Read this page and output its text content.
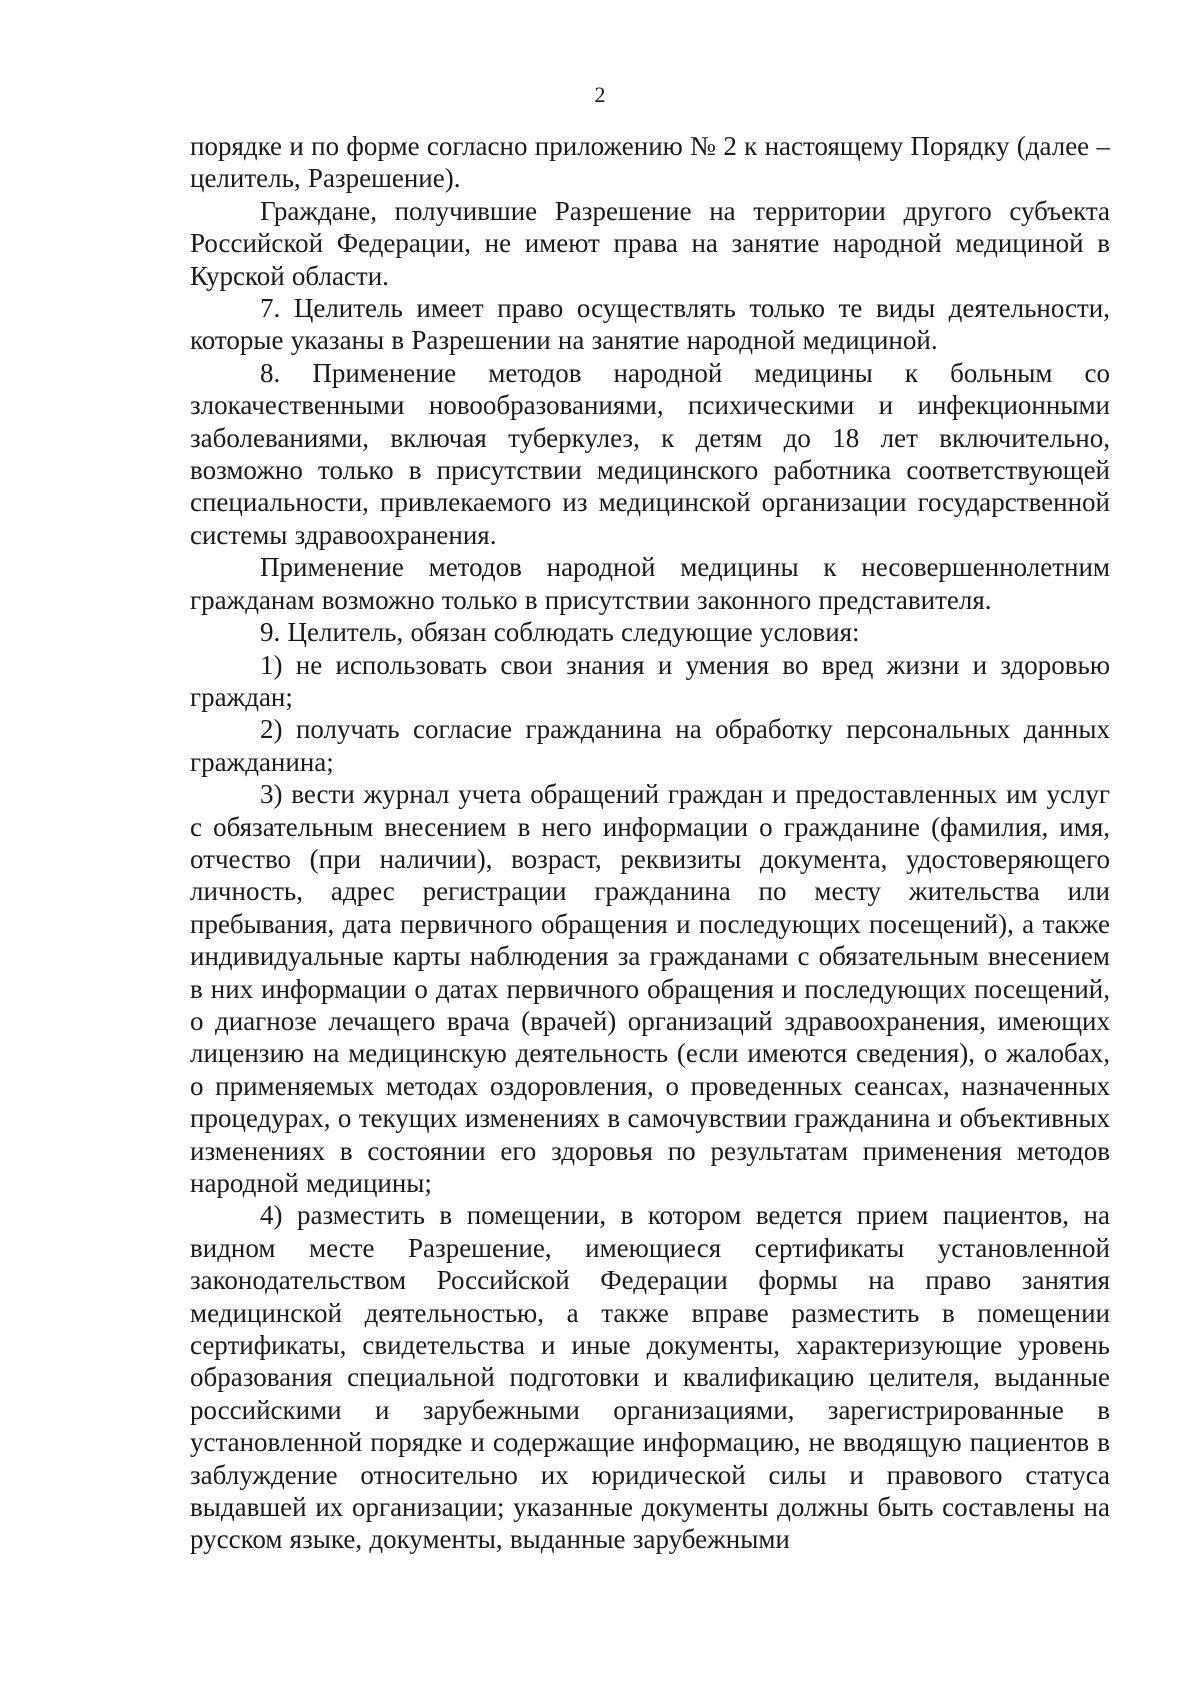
2

порядке и по форме согласно приложению № 2 к настоящему Порядку (далее – целитель, Разрешение).

Граждане, получившие Разрешение на территории другого субъекта Российской Федерации, не имеют права на занятие народной медициной в Курской области.

7. Целитель имеет право осуществлять только те виды деятельности, которые указаны в Разрешении на занятие народной медициной.

8. Применение методов народной медицины к больным со злокачественными новообразованиями, психическими и инфекционными заболеваниями, включая туберкулез, к детям до 18 лет включительно, возможно только в присутствии медицинского работника соответствующей специальности, привлекаемого из медицинской организации государственной системы здравоохранения.

Применение методов народной медицины к несовершеннолетним гражданам возможно только в присутствии законного представителя.

9. Целитель, обязан соблюдать следующие условия:

1) не использовать свои знания и умения во вред жизни и здоровью граждан;

2) получать согласие гражданина на обработку персональных данных гражданина;

3) вести журнал учета обращений граждан и предоставленных им услуг с обязательным внесением в него информации о гражданине (фамилия, имя, отчество (при наличии), возраст, реквизиты документа, удостоверяющего личность, адрес регистрации гражданина по месту жительства или пребывания, дата первичного обращения и последующих посещений), а также индивидуальные карты наблюдения за гражданами с обязательным внесением в них информации о датах первичного обращения и последующих посещений, о диагнозе лечащего врача (врачей) организаций здравоохранения, имеющих лицензию на медицинскую деятельность (если имеются сведения), о жалобах, о применяемых методах оздоровления, о проведенных сеансах, назначенных процедурах, о текущих изменениях в самочувствии гражданина и объективных изменениях в состоянии его здоровья по результатам применения методов народной медицины;

4) разместить в помещении, в котором ведется прием пациентов, на видном месте Разрешение, имеющиеся сертификаты установленной законодательством Российской Федерации формы на право занятия медицинской деятельностью, а также вправе разместить в помещении сертификаты, свидетельства и иные документы, характеризующие уровень образования специальной подготовки и квалификацию целителя, выданные российскими и зарубежными организациями, зарегистрированные в установленной порядке и содержащие информацию, не вводящую пациентов в заблуждение относительно их юридической силы и правового статуса выдавшей их организации; указанные документы должны быть составлены на русском языке, документы, выданные зарубежными
